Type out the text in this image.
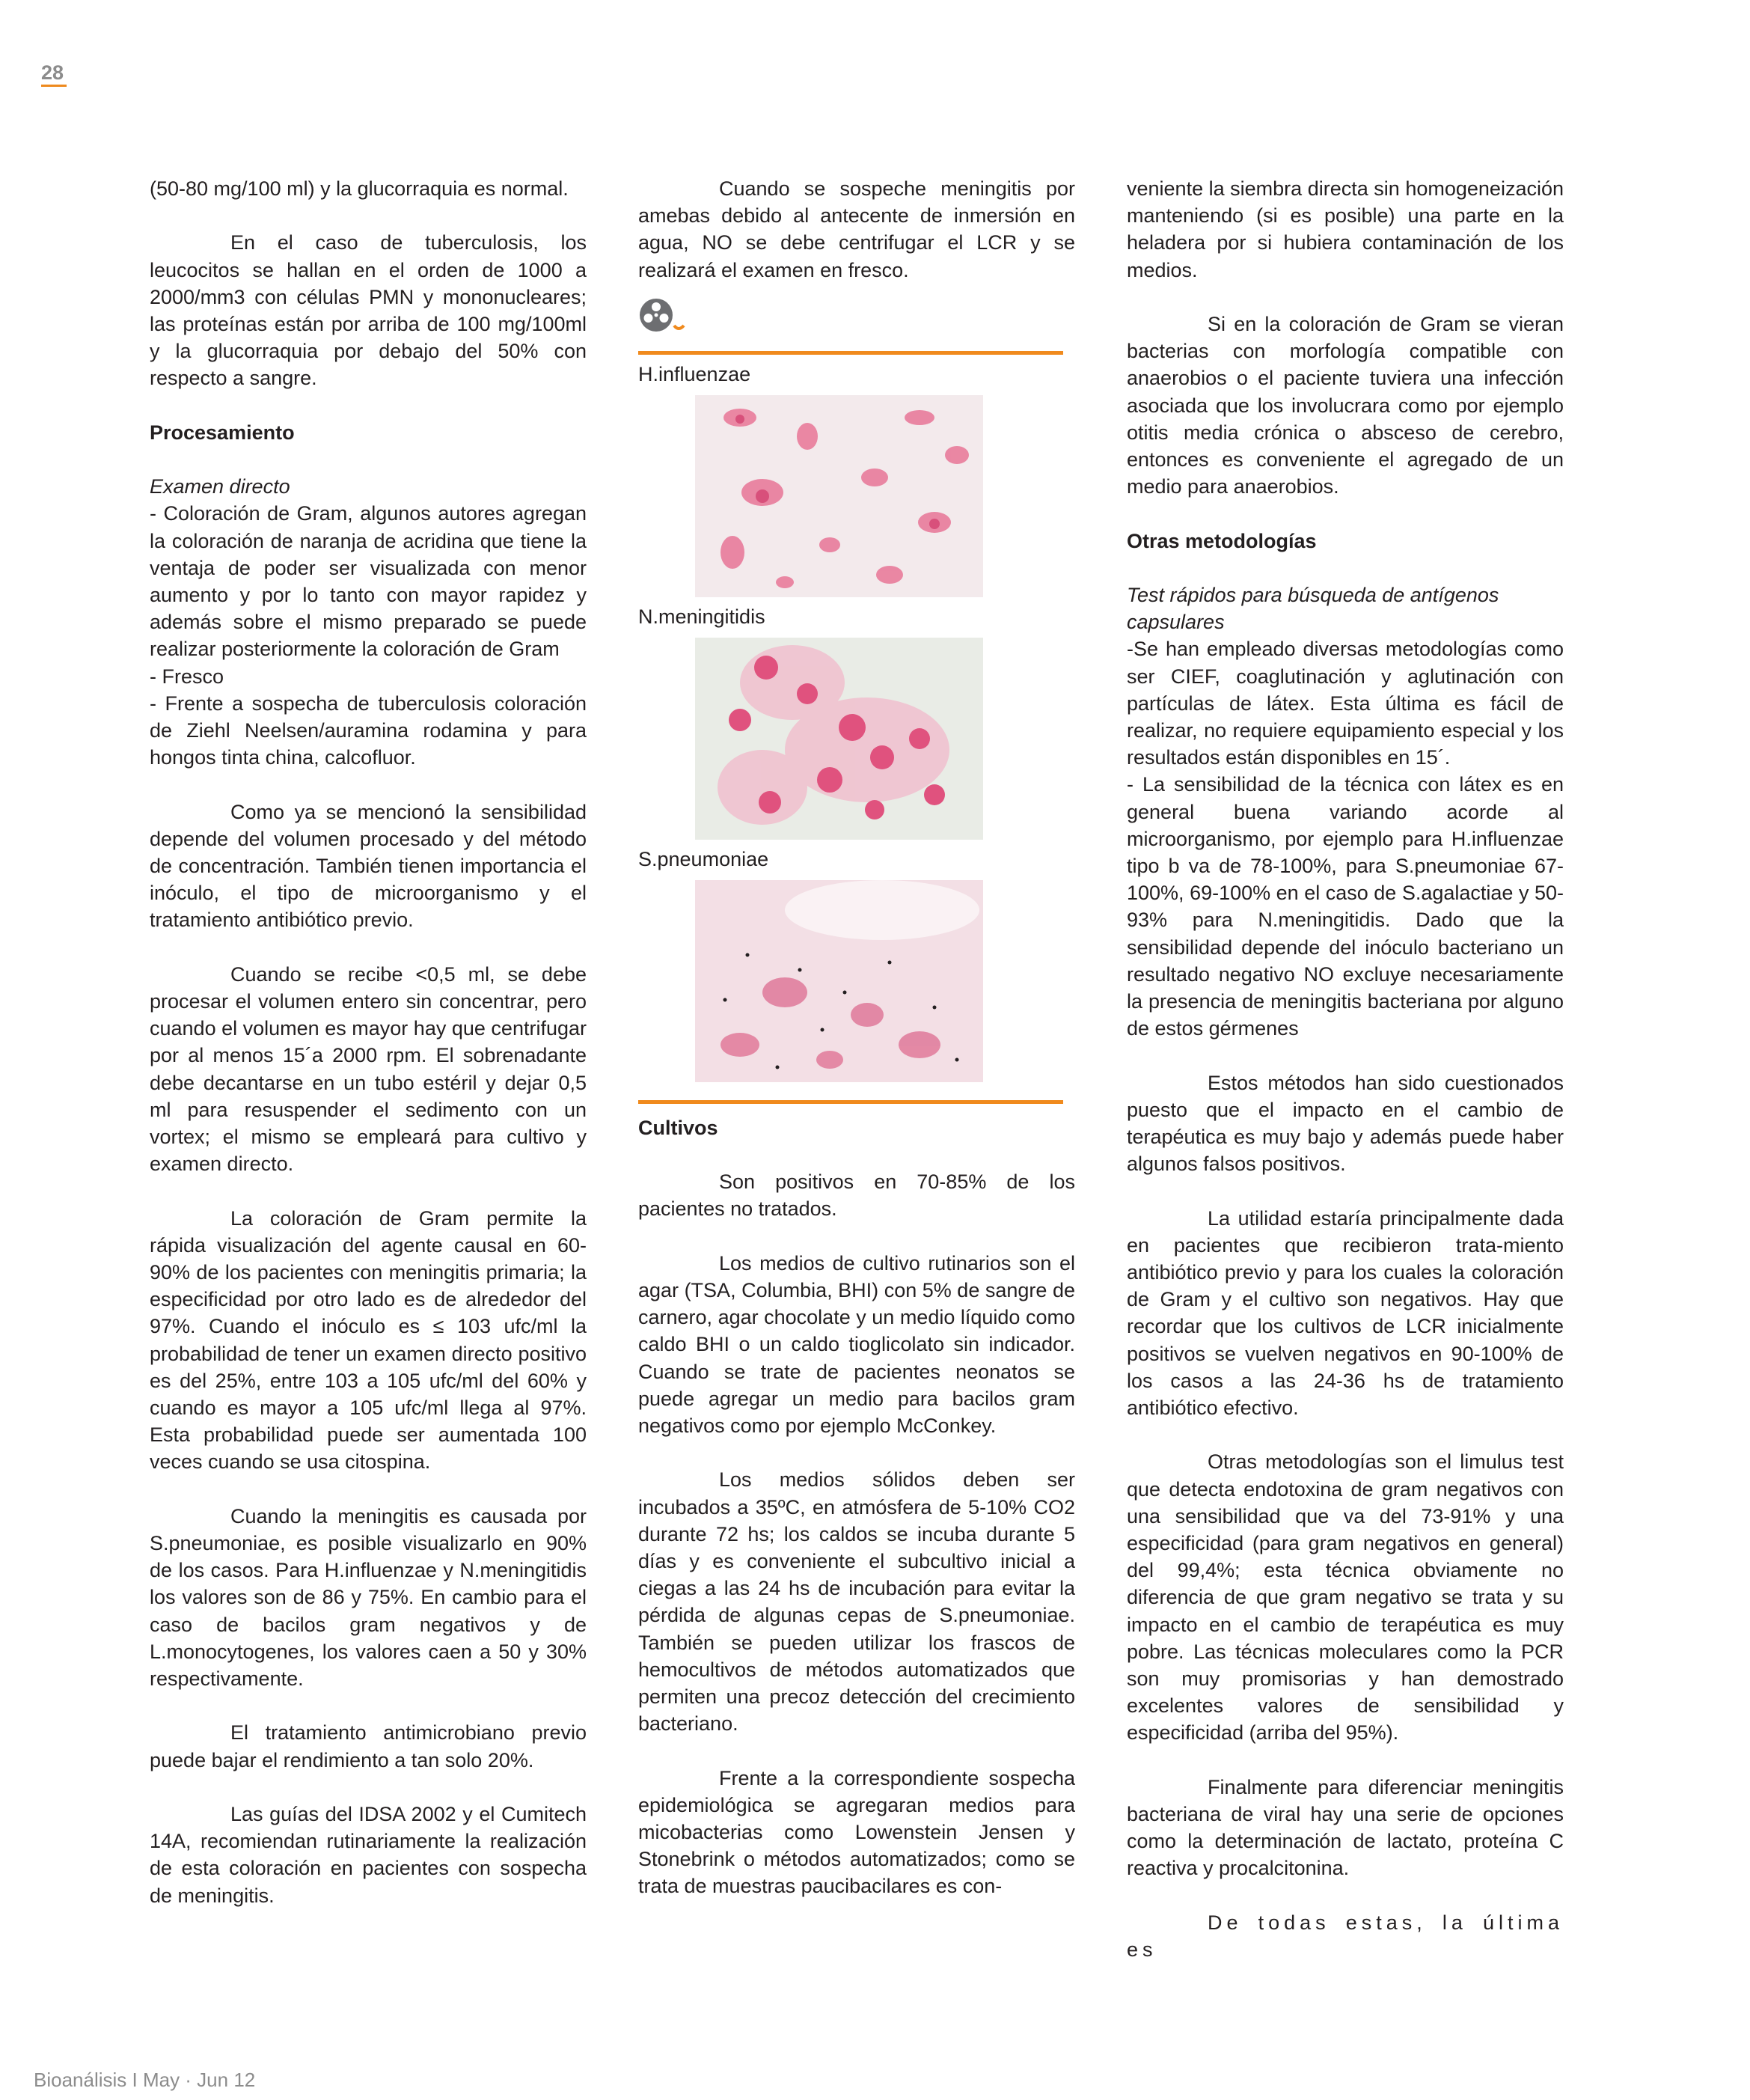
28

(50-80 mg/100 ml) y la glucorraquia es normal.

En el caso de tuberculosis, los leucocitos se hallan en el orden de 1000 a 2000/mm3 con células PMN y mononucleares; las proteínas están por arriba de 100 mg/100ml y la glucorraquia por debajo del 50% con respecto a sangre.

Procesamiento
Examen directo
- Coloración de Gram, algunos autores agregan la coloración de naranja de acridina que tiene la ventaja de poder ser visualizada con menor aumento y por lo tanto con mayor rapidez y además sobre el mismo preparado se puede realizar posteriormente la coloración de Gram
- Fresco
- Frente a sospecha de tuberculosis coloración de Ziehl Neelsen/auramina rodamina y para hongos tinta china, calcofluor.

Como ya se mencionó la sensibilidad depende del volumen procesado y del método de concentración. También tienen importancia el inóculo, el tipo de microorganismo y el tratamiento antibiótico previo.

Cuando se recibe <0,5 ml, se debe procesar el volumen entero sin concentrar, pero cuando el volumen es mayor hay que centrifugar por al menos 15´a 2000 rpm. El sobrenadante debe decantarse en un tubo estéril y dejar 0,5 ml para resuspender el sedimento con un vortex; el mismo se empleará para cultivo y examen directo.

La coloración de Gram permite la rápida visualización del agente causal en 60-90% de los pacientes con meningitis primaria; la especificidad por otro lado es de alrededor del 97%. Cuando el inóculo es ≤ 103 ufc/ml la probabilidad de tener un examen directo positivo es del 25%, entre 103 a 105 ufc/ml del 60% y cuando es mayor a 105 ufc/ml llega al 97%. Esta probabilidad puede ser aumentada 100 veces cuando se usa citospina.

Cuando la meningitis es causada por S.pneumoniae, es posible visualizarlo en 90% de los casos. Para H.influenzae y N.meningitidis los valores son de 86 y 75%. En cambio para el caso de bacilos gram negativos y de L.monocytogenes, los valores caen a 50 y 30% respectivamente.

El tratamiento antimicrobiano previo puede bajar el rendimiento a tan solo 20%.

Las guías del IDSA 2002 y el Cumitech 14A, recomiendan rutinariamente la realización de esta coloración en pacientes con sospecha de meningitis.

Cuando se sospeche meningitis por amebas debido al antecente de inmersión en agua, NO se debe centrifugar el LCR y se realizará el examen en fresco.

H.influenzae
N.meningitidis
S.pneumoniae
Cultivos

Son positivos en 70-85% de los pacientes no tratados.

Los medios de cultivo rutinarios son el agar (TSA, Columbia, BHI) con 5% de sangre de carnero, agar chocolate y un medio líquido como caldo BHI o un caldo tioglicolato sin indicador. Cuando se trate de pacientes neonatos se puede agregar un medio para bacilos gram negativos como por ejemplo McConkey.

Los medios sólidos deben ser incubados a 35ºC, en atmósfera de 5-10% CO2 durante 72 hs; los caldos se incuba durante 5 días y es conveniente el subcultivo inicial a ciegas a las 24 hs de incubación para evitar la pérdida de algunas cepas de S.pneumoniae. También se pueden utilizar los frascos de hemocultivos de métodos automatizados que permiten una precoz detección del crecimiento bacteriano.

Frente a la correspondiente sospecha epidemiológica se agregaran medios para micobacterias como Lowenstein Jensen y Stonebrink o métodos automatizados; como se trata de muestras paucibacilares es con-

veniente la siembra directa sin homogeneización manteniendo (si es posible) una parte en la heladera por si hubiera contaminación de los medios.

Si en la coloración de Gram se vieran bacterias con morfología compatible con anaerobios o el paciente tuviera una infección asociada que los involucrara como por ejemplo otitis media crónica o absceso de cerebro, entonces es conveniente el agregado de un medio para anaerobios.

Otras metodologías
Test rápidos para búsqueda de antígenos capsulares
-Se han empleado diversas metodologías como ser CIEF, coaglutinación y aglutinación con partículas de látex. Esta última es fácil de realizar, no requiere equipamiento especial y los resultados están disponibles en 15´.
- La sensibilidad de la técnica con látex es en general buena variando acorde al microorganismo, por ejemplo para H.influenzae tipo b va de 78-100%, para S.pneumoniae 67-100%, 69-100% en el caso de S.agalactiae y 50-93% para N.meningitidis. Dado que la sensibilidad depende del inóculo bacteriano un resultado negativo NO excluye necesariamente la presencia de meningitis bacteriana por alguno de estos gérmenes

Estos métodos han sido cuestionados puesto que el impacto en el cambio de terapéutica es muy bajo y además puede haber algunos falsos positivos.

La utilidad estaría principalmente dada en pacientes que recibieron trata-miento antibiótico previo y para los cuales la coloración de Gram y el cultivo son negativos. Hay que recordar que los cultivos de LCR inicialmente positivos se vuelven negativos en 90-100% de los casos a las 24-36 hs de tratamiento antibiótico efectivo.

Otras metodologías son el limulus test que detecta endotoxina de gram negativos con una sensibilidad que va del 73-91% y una especificidad (para gram negativos en general) del 99,4%; esta técnica obviamente no diferencia de que gram negativo se trata y su impacto en el cambio de terapéutica es muy pobre. Las técnicas moleculares como la PCR son muy promisorias y han demostrado excelentes valores de sensibilidad y especificidad (arriba del 95%).

Finalmente para diferenciar meningitis bacteriana de viral hay una serie de opciones como la determinación de lactato, proteína C reactiva y procalcitonina.

De todas estas, la última es

Bioanálisis I May · Jun 12
